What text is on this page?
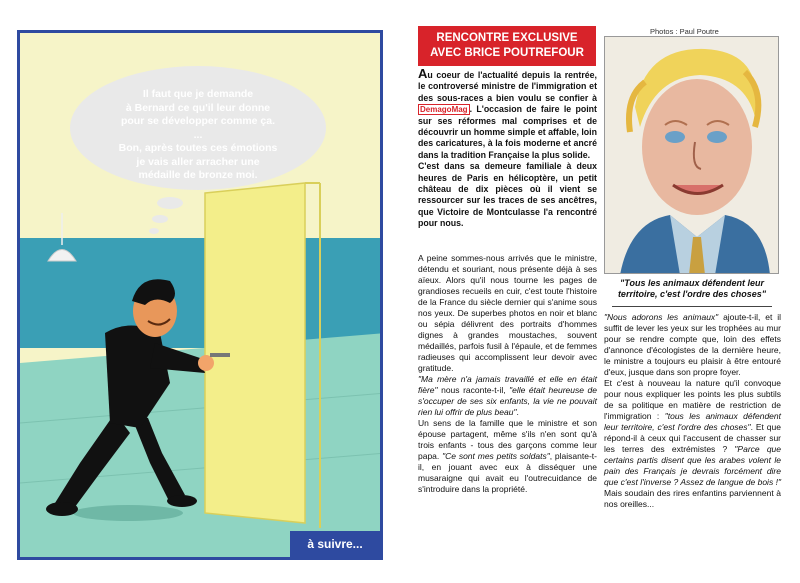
Il faut que je demande
à Bernard ce qu'il leur donne
pour se développer comme ça.
...
Bon, après toutes ces émotions
je vais aller arracher une
médaille de bronze moi.
à suivre...
RENCONTRE EXCLUSIVE
AVEC BRICE POUTREFOUR
Au coeur de l'actualité depuis la rentrée, le controversé ministre de l'immigration et des sous-races a bien voulu se confier à DemagoMag . L'occasion de faire le point sur ses réformes mal comprises et de découvrir un homme simple et affable, loin des caricatures, à la fois moderne et ancré dans la tradition Française la plus solide.
C'est dans sa demeure familiale à deux heures de Paris en hélicoptère, un petit château de dix pièces où il vient se ressourcer sur les traces de ses ancêtres, que Victoire de Montculasse l'a rencontré pour nous.

A peine sommes-nous arrivés que le ministre, détendu et souriant, nous présente déjà à ses aïeux. Alors qu'il nous tourne les pages de grandioses recueils en cuir, c'est toute l'histoire de la France du siècle dernier qui s'anime sous nos yeux. De superbes photos en noir et blanc ou sépia délivrent des portraits d'hommes dignes à grandes moustaches, souvent médaillés, parfois fusil à l'épaule, et de femmes radieuses qui accomplissent leur devoir avec gratitude.

"Ma mère n'a jamais travaillé et elle en était fière" nous raconte-t-il, "elle était heureuse de s'occuper de ses six enfants, la vie ne pouvait rien lui offrir de plus beau".

Un sens de la famille que le ministre et son épouse partagent, même s'ils n'en sont qu'à trois enfants - tous des garçons comme leur papa. "Ce sont mes petits soldats", plaisante-t-il, en jouant avec eux à disséquer une musaraigne qui avait eu l'outrecuidance de s'introduire dans la propriété.

Photos : Paul Poutre
"Tous les animaux défendent leur territoire, c'est l'ordre des choses"

"Nous adorons les animaux" ajoute-t-il, et il suffit de lever les yeux sur les trophées au mur pour se rendre compte que, loin des effets d'annonce d'écologistes de la dernière heure, le ministre a toujours eu plaisir à être entouré d'eux, jusque dans son propre foyer.

Et c'est à nouveau la nature qu'il convoque pour nous expliquer les points les plus subtils de sa politique en matière de restriction de l'immigration : "tous les animaux défendent leur territoire, c'est l'ordre des choses". Et que répond-il à ceux qui l'accusent de chasser sur les terres des extrémistes ? "Parce que certains partis disent que les arabes volent le pain des Français je devrais forcément dire que c'est l'inverse ? Assez de langue de bois !" Mais soudain des rires enfantins parviennent à nos oreilles...
